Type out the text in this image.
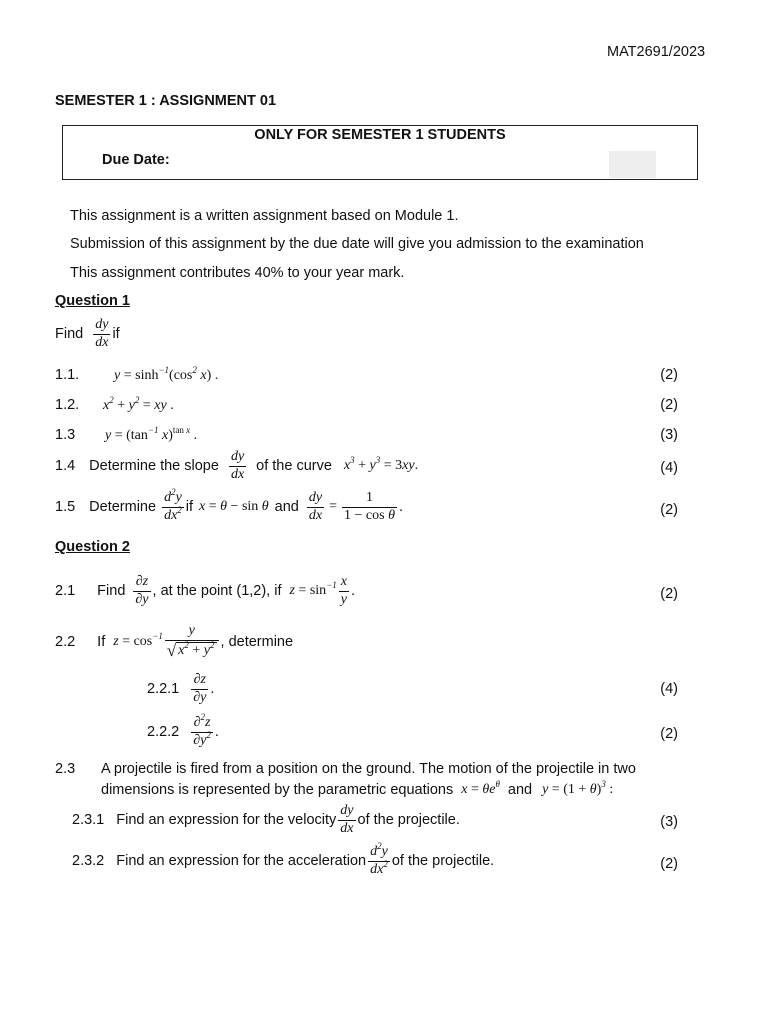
MAT2691/2023
SEMESTER 1 : ASSIGNMENT 01
ONLY FOR SEMESTER 1 STUDENTS
Due Date:
This assignment is a written assignment based on Module 1.
Submission of this assignment by the due date will give you admission to the examination
This assignment contributes 40% to your year mark.
Question 1
Find $\frac{dy}{dx}$ if
1.1. $y = \sinh^{-1}(\cos^2$ x) .	(2)
1.2. $x^2 + y^2$ = xy .	(2)
1.3 $y = (\tan^{-1}$ x)$^{tan x}$ .	(3)
1.4 Determine the slope $\frac{dy}{dx}$ of the curve $x^3 + y^3 = 3xy$.	(4)
1.5 Determine $\frac{d^2y}{dx^2}$ if x = θ − sin θ and $\frac{dy}{dx} = \frac{1}{\text{1 − cos θ}}$ .	(2)
Question 2
2.1 Find $\frac{\partial z}{\partial y}$ , at the point (1,2), if $z = \sin^{-1} \frac{x}{y}$ .	(2)
2.2 If $z = \cos^{-1} \frac{y}{√ x^2 + y^2}$ , determine
$2.2.1 \frac{\partial z}{\partial y}$ .	(4)
$2.2.2 \frac{\partial^2z}{\partial y^2}$ .	(2)
2.3 A projectile is fired from a position on the ground. The motion of the projectile in two
dimensions is represented by the parametric equations $x = \theta e^\theta$ and $y = (1 + \theta)^3$ :
2.3.1 Find an expression for the velocity $\frac{dy}{dx}$ of the projectile.	(3)
2.3.2 Find an expression for the acceleration $\frac{d^2y}{dx^2}$ of the projectile.	(2)
